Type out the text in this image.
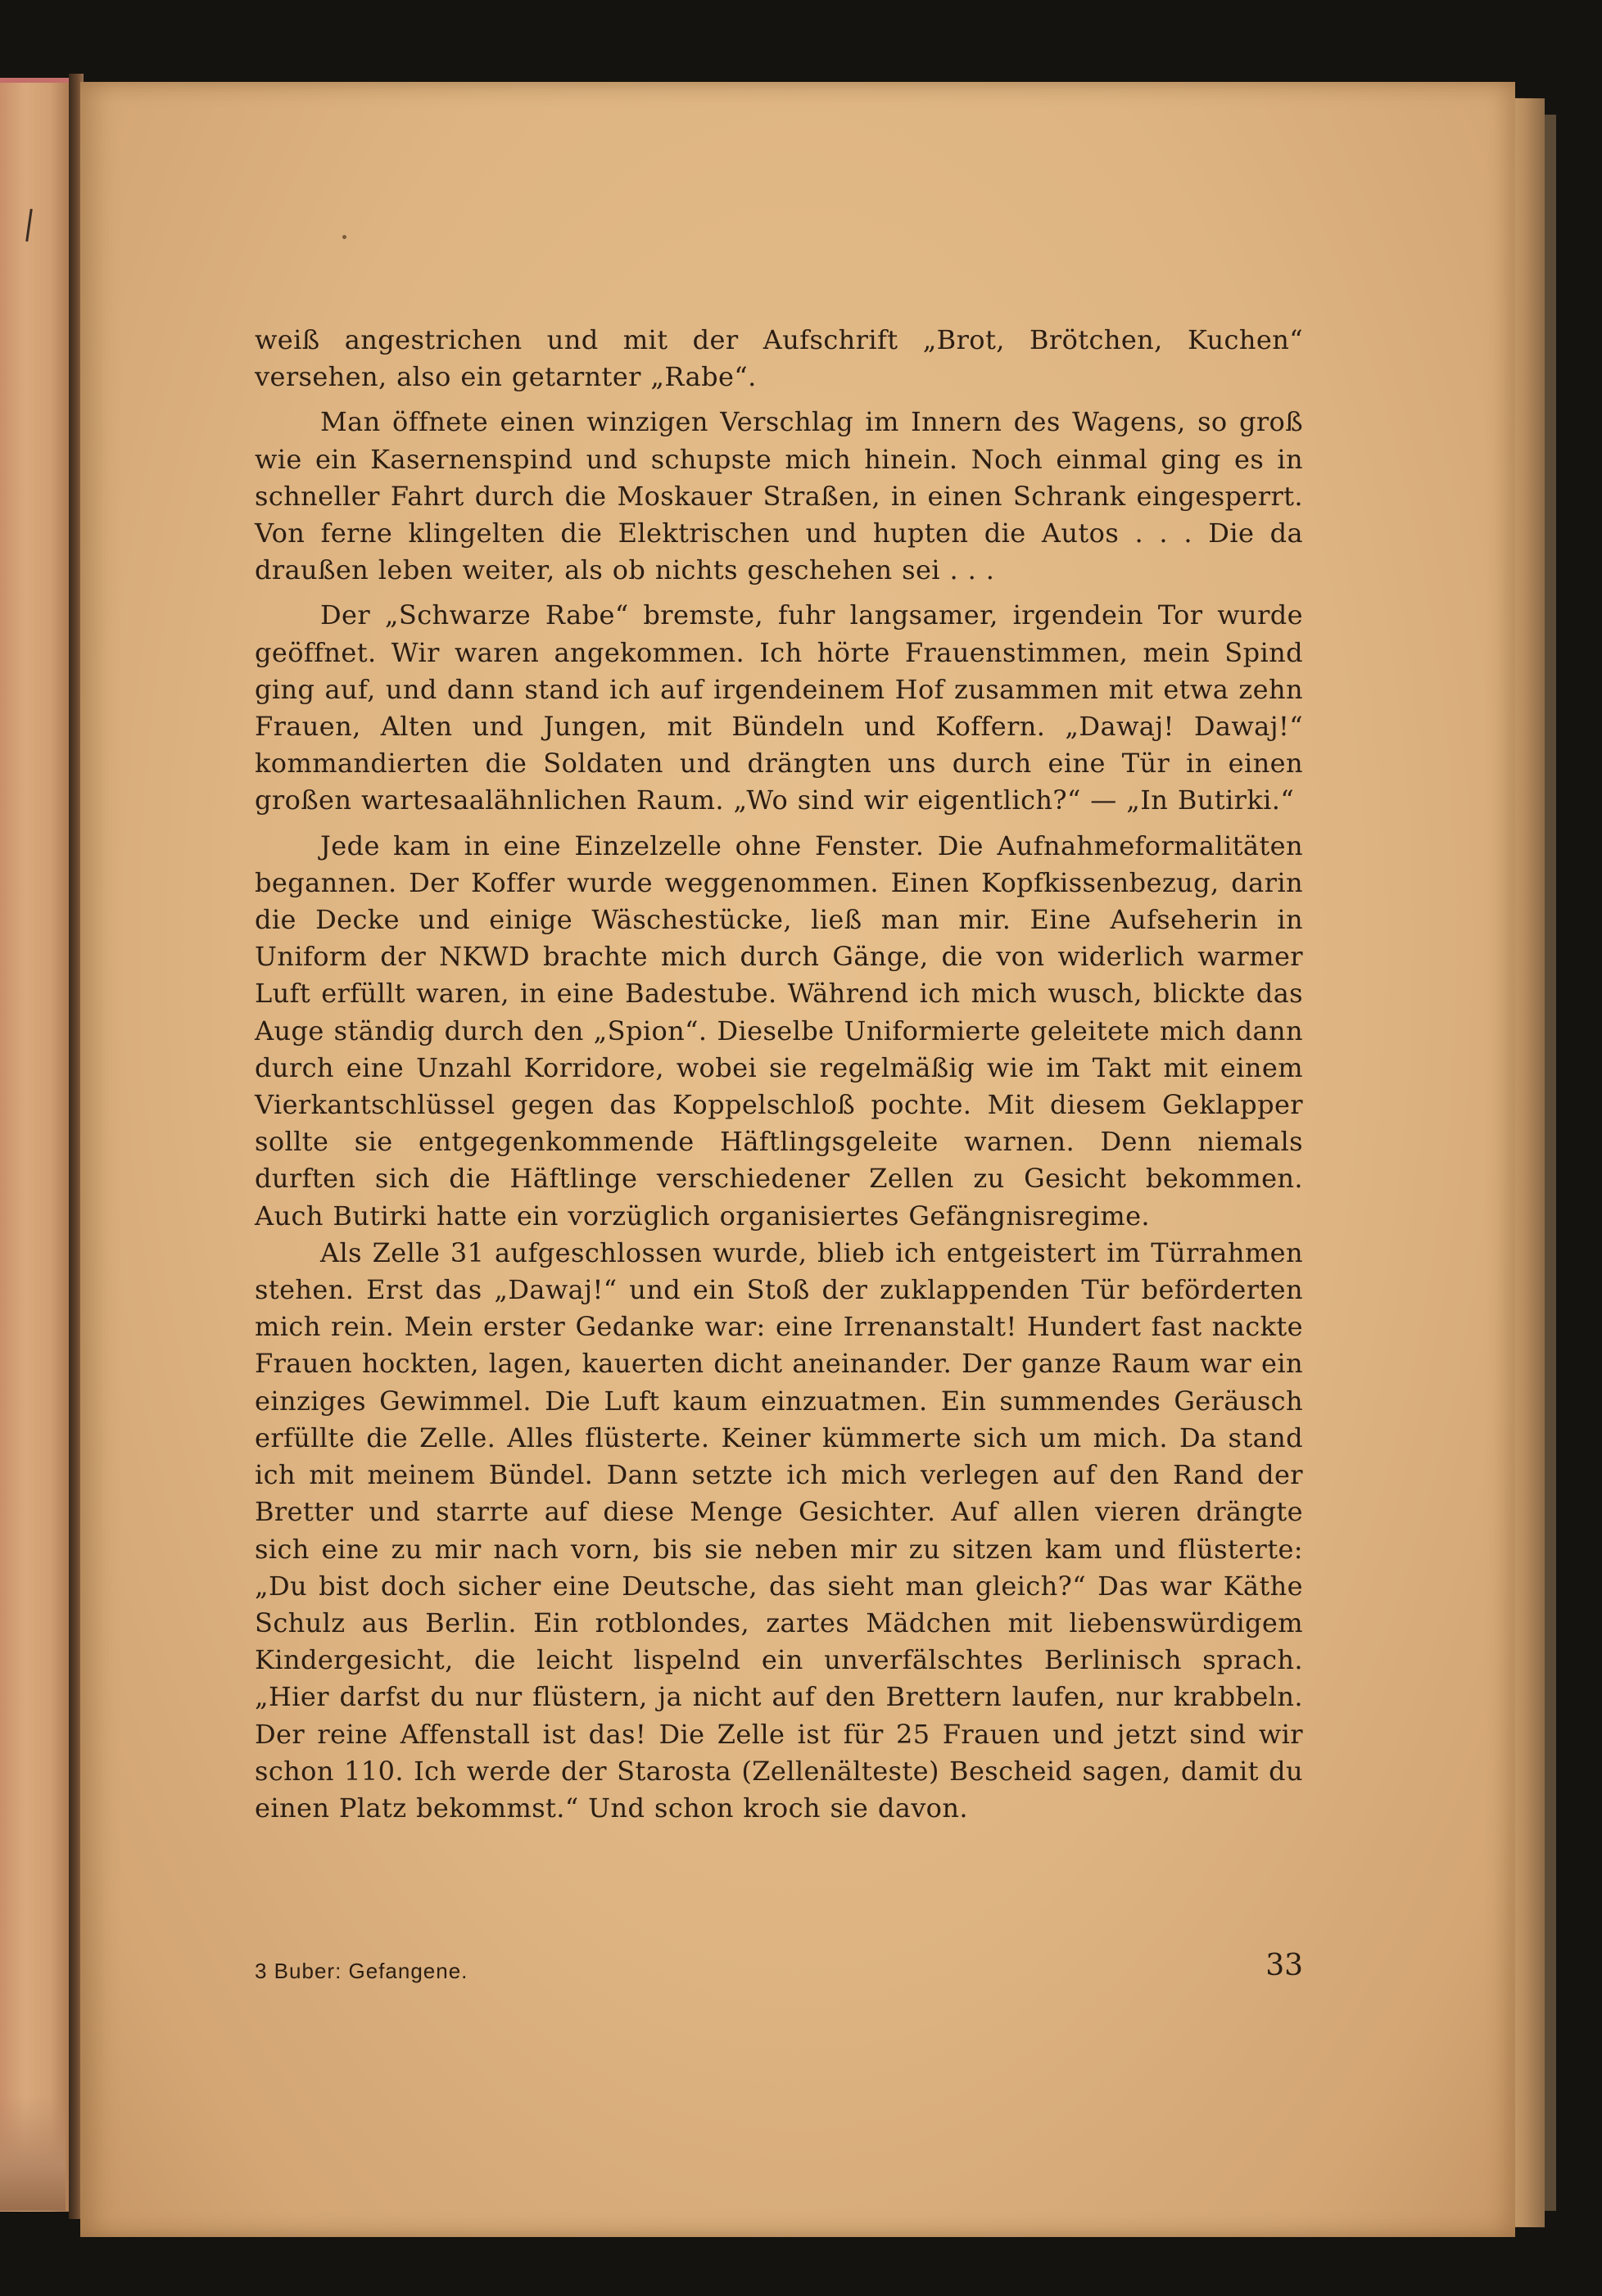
weiß angestrichen und mit der Aufschrift „Brot, Brötchen, Kuchen“ versehen, also ein getarnter „Rabe“.

Man öffnete einen winzigen Verschlag im Innern des Wagens, so groß wie ein Kasernenspind und schupste mich hinein. Noch einmal ging es in schneller Fahrt durch die Moskauer Straßen, in einen Schrank eingesperrt. Von ferne klingelten die Elektrischen und hupten die Autos . . . Die da draußen leben weiter, als ob nichts geschehen sei . . .

Der „Schwarze Rabe“ bremste, fuhr langsamer, irgendein Tor wurde geöffnet. Wir waren angekommen. Ich hörte Frauenstimmen, mein Spind ging auf, und dann stand ich auf irgendeinem Hof zusammen mit etwa zehn Frauen, Alten und Jungen, mit Bündeln und Koffern. „Dawaj! Dawaj!“ kommandierten die Soldaten und drängten uns durch eine Tür in einen großen wartesaalähnlichen Raum. „Wo sind wir eigentlich?“ — „In Butirki.“

Jede kam in eine Einzelzelle ohne Fenster. Die Aufnahmeformalitäten begannen. Der Koffer wurde weggenommen. Einen Kopfkissenbezug, darin die Decke und einige Wäschestücke, ließ man mir. Eine Aufseherin in Uniform der NKWD brachte mich durch Gänge, die von widerlich warmer Luft erfüllt waren, in eine Badestube. Während ich mich wusch, blickte das Auge ständig durch den „Spion“. Dieselbe Uniformierte geleitete mich dann durch eine Unzahl Korridore, wobei sie regelmäßig wie im Takt mit einem Vierkantschlüssel gegen das Koppelschloß pochte. Mit diesem Geklapper sollte sie entgegenkommende Häftlingsgeleite warnen. Denn niemals durften sich die Häftlinge verschiedener Zellen zu Gesicht bekommen. Auch Butirki hatte ein vorzüglich organisiertes Gefängnisregime.

Als Zelle 31 aufgeschlossen wurde, blieb ich entgeistert im Türrahmen stehen. Erst das „Dawaj!“ und ein Stoß der zuklappenden Tür beförderten mich rein. Mein erster Gedanke war: eine Irrenanstalt! Hundert fast nackte Frauen hockten, lagen, kauerten dicht aneinander. Der ganze Raum war ein einziges Gewimmel. Die Luft kaum einzuatmen. Ein summendes Geräusch erfüllte die Zelle. Alles flüsterte. Keiner kümmerte sich um mich. Da stand ich mit meinem Bündel. Dann setzte ich mich verlegen auf den Rand der Bretter und starrte auf diese Menge Gesichter. Auf allen vieren drängte sich eine zu mir nach vorn, bis sie neben mir zu sitzen kam und flüsterte: „Du bist doch sicher eine Deutsche, das sieht man gleich?“ Das war Käthe Schulz aus Berlin. Ein rotblondes, zartes Mädchen mit liebenswürdigem Kindergesicht, die leicht lispelnd ein unverfälschtes Berlinisch sprach. „Hier darfst du nur flüstern, ja nicht auf den Brettern laufen, nur krabbeln. Der reine Affenstall ist das! Die Zelle ist für 25 Frauen und jetzt sind wir schon 110. Ich werde der Starosta (Zellenälteste) Bescheid sagen, damit du einen Platz bekommst.“ Und schon kroch sie davon.

3 Buber: Gefangene.	33
